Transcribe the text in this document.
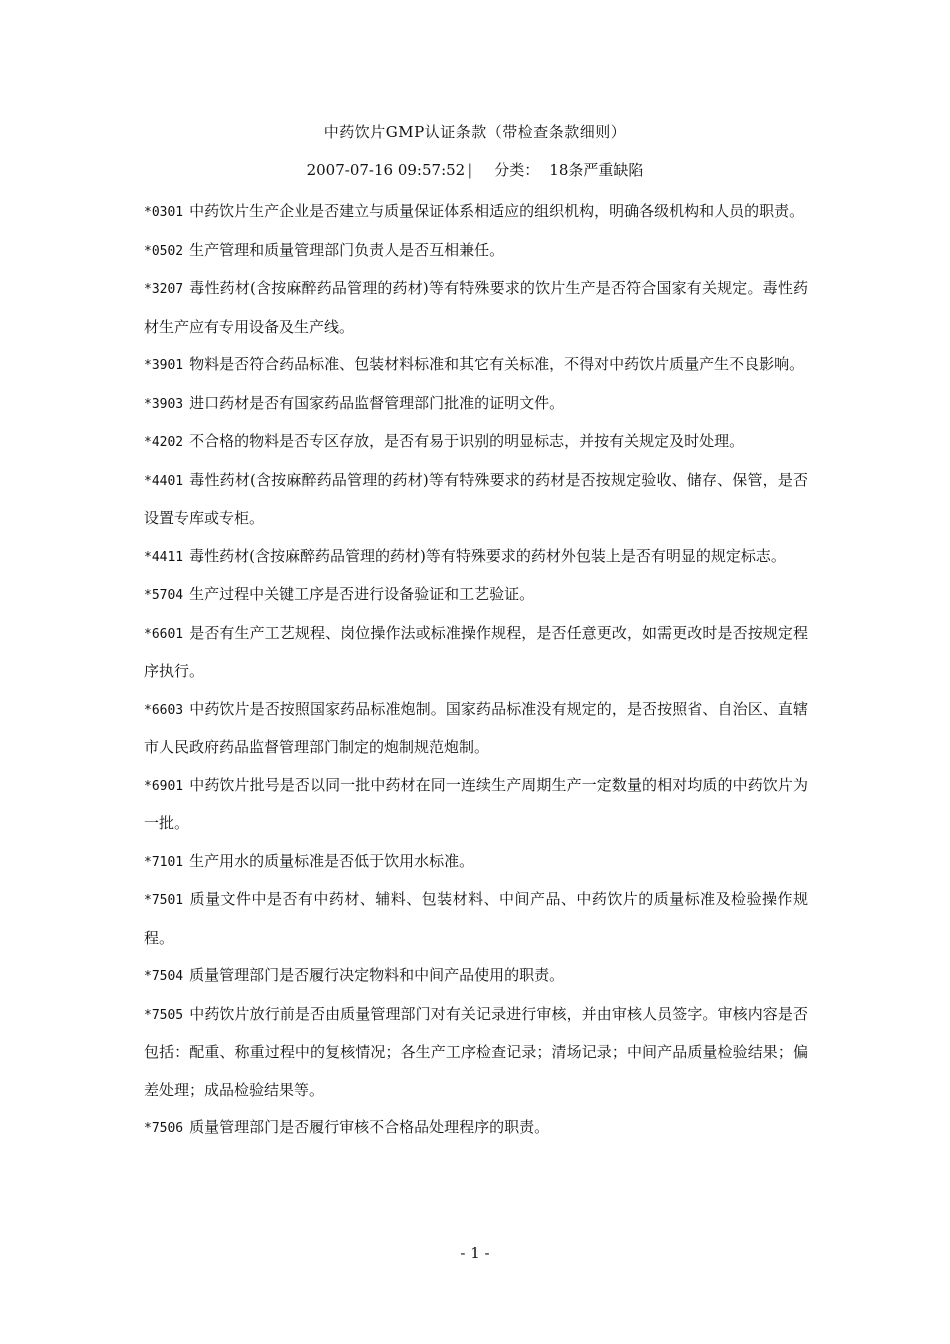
中药饮片GMP认证条款（带检查条款细则）
2007-07-16 09:57:52 | 分类： 18条严重缺陷

*0301 中药饮片生产企业是否建立与质量保证体系相适应的组织机构，明确各级机构和人员的职责。

*0502 生产管理和质量管理部门负责人是否互相兼任。

*3207 毒性药材(含按麻醉药品管理的药材)等有特殊要求的饮片生产是否符合国家有关规定。毒性药材生产应有专用设备及生产线。

*3901 物料是否符合药品标准、包装材料标准和其它有关标准，不得对中药饮片质量产生不良影响。

*3903 进口药材是否有国家药品监督管理部门批准的证明文件。

*4202 不合格的物料是否专区存放，是否有易于识别的明显标志，并按有关规定及时处理。

*4401 毒性药材(含按麻醉药品管理的药材)等有特殊要求的药材是否按规定验收、储存、保管，是否设置专库或专柜。

*4411 毒性药材(含按麻醉药品管理的药材)等有特殊要求的药材外包装上是否有明显的规定标志。

*5704 生产过程中关键工序是否进行设备验证和工艺验证。

*6601 是否有生产工艺规程、岗位操作法或标准操作规程，是否任意更改，如需更改时是否按规定程序执行。

*6603 中药饮片是否按照国家药品标准炮制。国家药品标准没有规定的，是否按照省、自治区、直辖市人民政府药品监督管理部门制定的炮制规范炮制。

*6901 中药饮片批号是否以同一批中药材在同一连续生产周期生产一定数量的相对均质的中药饮片为一批。

*7101 生产用水的质量标准是否低于饮用水标准。

*7501 质量文件中是否有中药材、辅料、包装材料、中间产品、中药饮片的质量标准及检验操作规程。

*7504 质量管理部门是否履行决定物料和中间产品使用的职责。

*7505 中药饮片放行前是否由质量管理部门对有关记录进行审核，并由审核人员签字。审核内容是否包括：配重、称重过程中的复核情况；各生产工序检查记录；清场记录；中间产品质量检验结果；偏差处理；成品检验结果等。

*7506 质量管理部门是否履行审核不合格品处理程序的职责。

- 1 -
